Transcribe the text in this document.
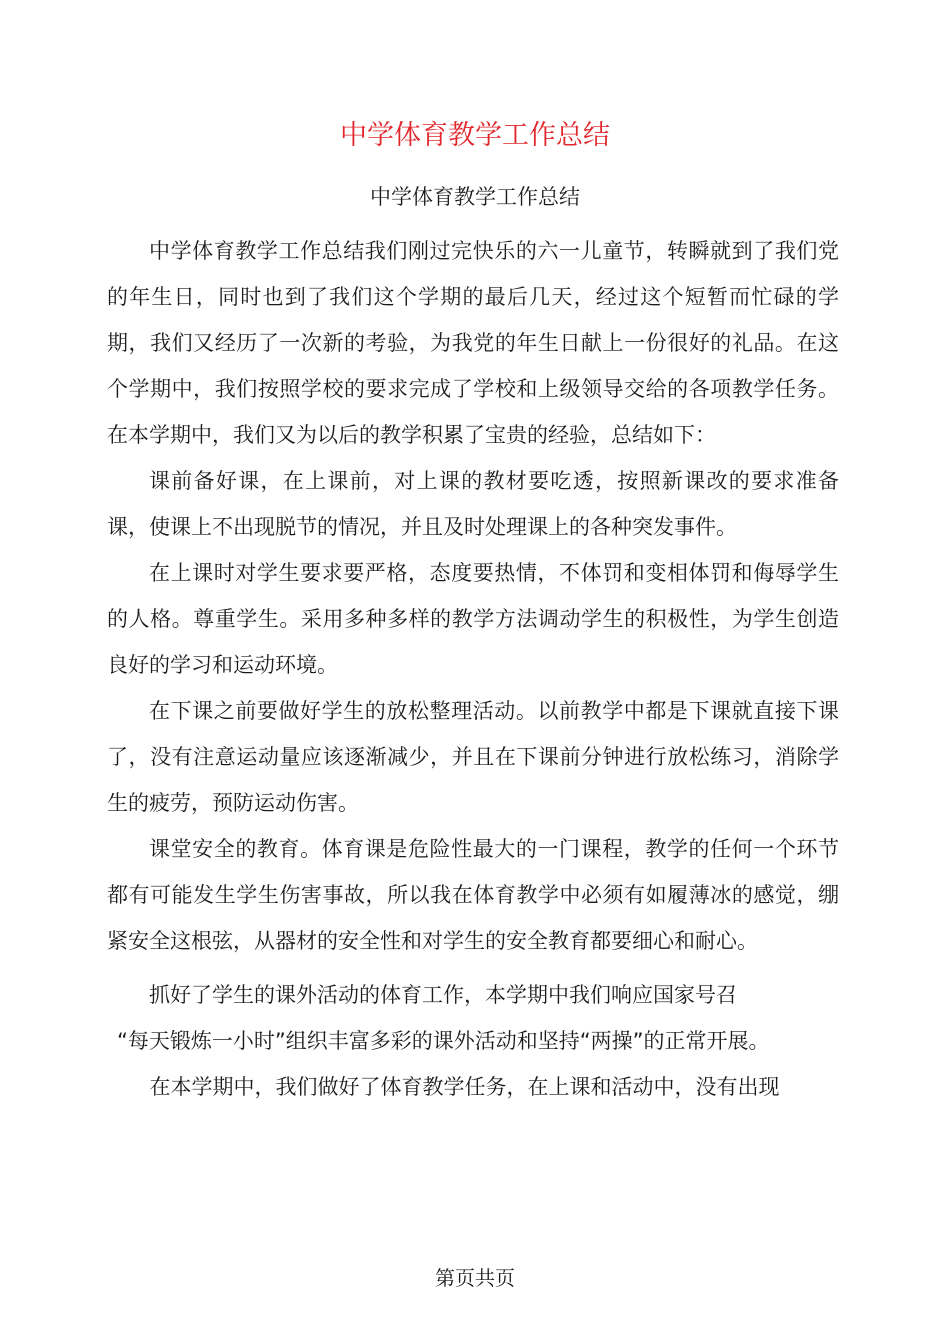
中学体育教学工作总结
中学体育教学工作总结

中学体育教学工作总结我们刚过完快乐的六一儿童节，转瞬就到了我们党的年生日，同时也到了我们这个学期的最后几天，经过这个短暂而忙碌的学期，我们又经历了一次新的考验，为我党的年生日献上一份很好的礼品。在这个学期中，我们按照学校的要求完成了学校和上级领导交给的各项教学任务。在本学期中，我们又为以后的教学积累了宝贵的经验，总结如下：

课前备好课，在上课前，对上课的教材要吃透，按照新课改的要求准备课，使课上不出现脱节的情况，并且及时处理课上的各种突发事件。

在上课时对学生要求要严格，态度要热情，不体罚和变相体罚和侮辱学生的人格。尊重学生。采用多种多样的教学方法调动学生的积极性，为学生创造良好的学习和运动环境。

在下课之前要做好学生的放松整理活动。以前教学中都是下课就直接下课了，没有注意运动量应该逐渐减少，并且在下课前分钟进行放松练习，消除学生的疲劳，预防运动伤害。

课堂安全的教育。体育课是危险性最大的一门课程，教学的任何一个环节都有可能发生学生伤害事故，所以我在体育教学中必须有如履薄冰的感觉，绷紧安全这根弦，从器材的安全性和对学生的安全教育都要细心和耐心。

抓好了学生的课外活动的体育工作，本学期中我们响应国家号召

“每天锻炼一小时”组织丰富多彩的课外活动和坚持“两操”的正常开展。

在本学期中，我们做好了体育教学任务，在上课和活动中，没有出现

第页共页
